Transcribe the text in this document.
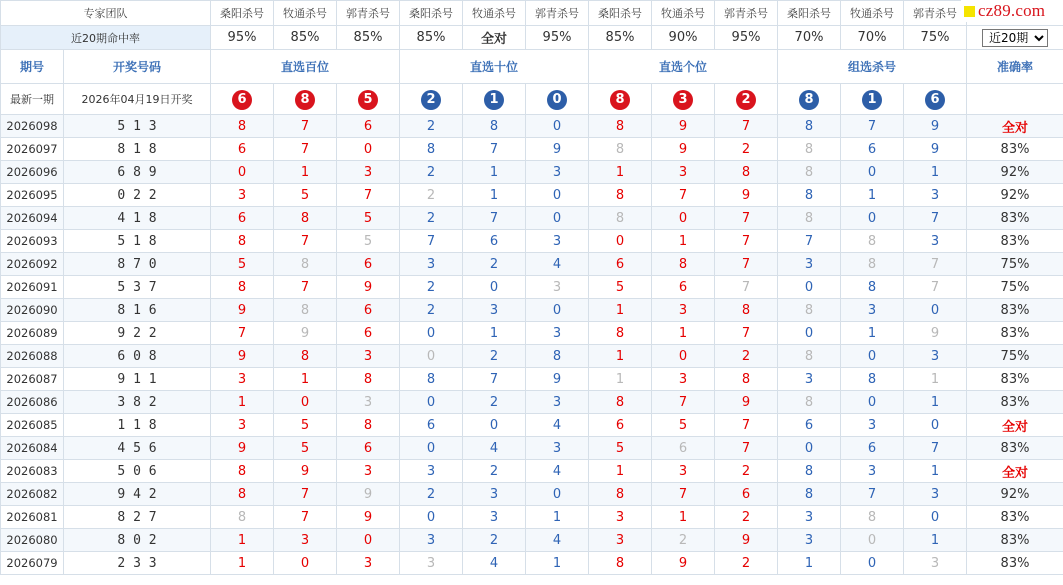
专家团队		桑阳杀号	牧通杀号	郭青杀号	桑阳杀号	牧通杀号	郭青杀号	桑阳杀号	牧通杀号	郭青杀号	桑阳杀号	牧通杀号	郭青杀号	
近20期命中率		95%	85%	85%	85%	全对	95%	85%	90%	95%	70%	70%	75%	
近20期
期号	开奖号码	直选百位			直选十位			直选个位			组选杀号			准确率
最新一期	2026年04月19日开奖	6	8	5	2	1	0	8	3	2	8	1	6	
2026098	5 1 3	8	7	6	2	8	0	8	9	7	8	7	9	全对
2026097	8 1 8	6	7	0	8	7	9	8	9	2	8	6	9	83%
2026096	6 8 9	0	1	3	2	1	3	1	3	8	8	0	1	92%
2026095	0 2 2	3	5	7	2	1	0	8	7	9	8	1	3	92%
2026094	4 1 8	6	8	5	2	7	0	8	0	7	8	0	7	83%
2026093	5 1 8	8	7	5	7	6	3	0	1	7	7	8	3	83%
2026092	8 7 0	5	8	6	3	2	4	6	8	7	3	8	7	75%
2026091	5 3 7	8	7	9	2	0	3	5	6	7	0	8	7	75%
2026090	8 1 6	9	8	6	2	3	0	1	3	8	8	3	0	83%
2026089	9 2 2	7	9	6	0	1	3	8	1	7	0	1	9	83%
2026088	6 0 8	9	8	3	0	2	8	1	0	2	8	0	3	75%
2026087	9 1 1	3	1	8	8	7	9	1	3	8	3	8	1	83%
2026086	3 8 2	1	0	3	0	2	3	8	7	9	8	0	1	83%
2026085	1 1 8	3	5	8	6	0	4	6	5	7	6	3	0	全对
2026084	4 5 6	9	5	6	0	4	3	5	6	7	0	6	7	83%
2026083	5 0 6	8	9	3	3	2	4	1	3	2	8	3	1	全对
2026082	9 4 2	8	7	9	2	3	0	8	7	6	8	7	3	92%
2026081	8 2 7	8	7	9	0	3	1	3	1	2	3	8	0	83%
2026080	8 0 2	1	3	0	3	2	4	3	2	9	3	0	1	83%
2026079	2 3 3	1	0	3	3	4	1	8	9	2	1	0	3	83%
cz89.com
